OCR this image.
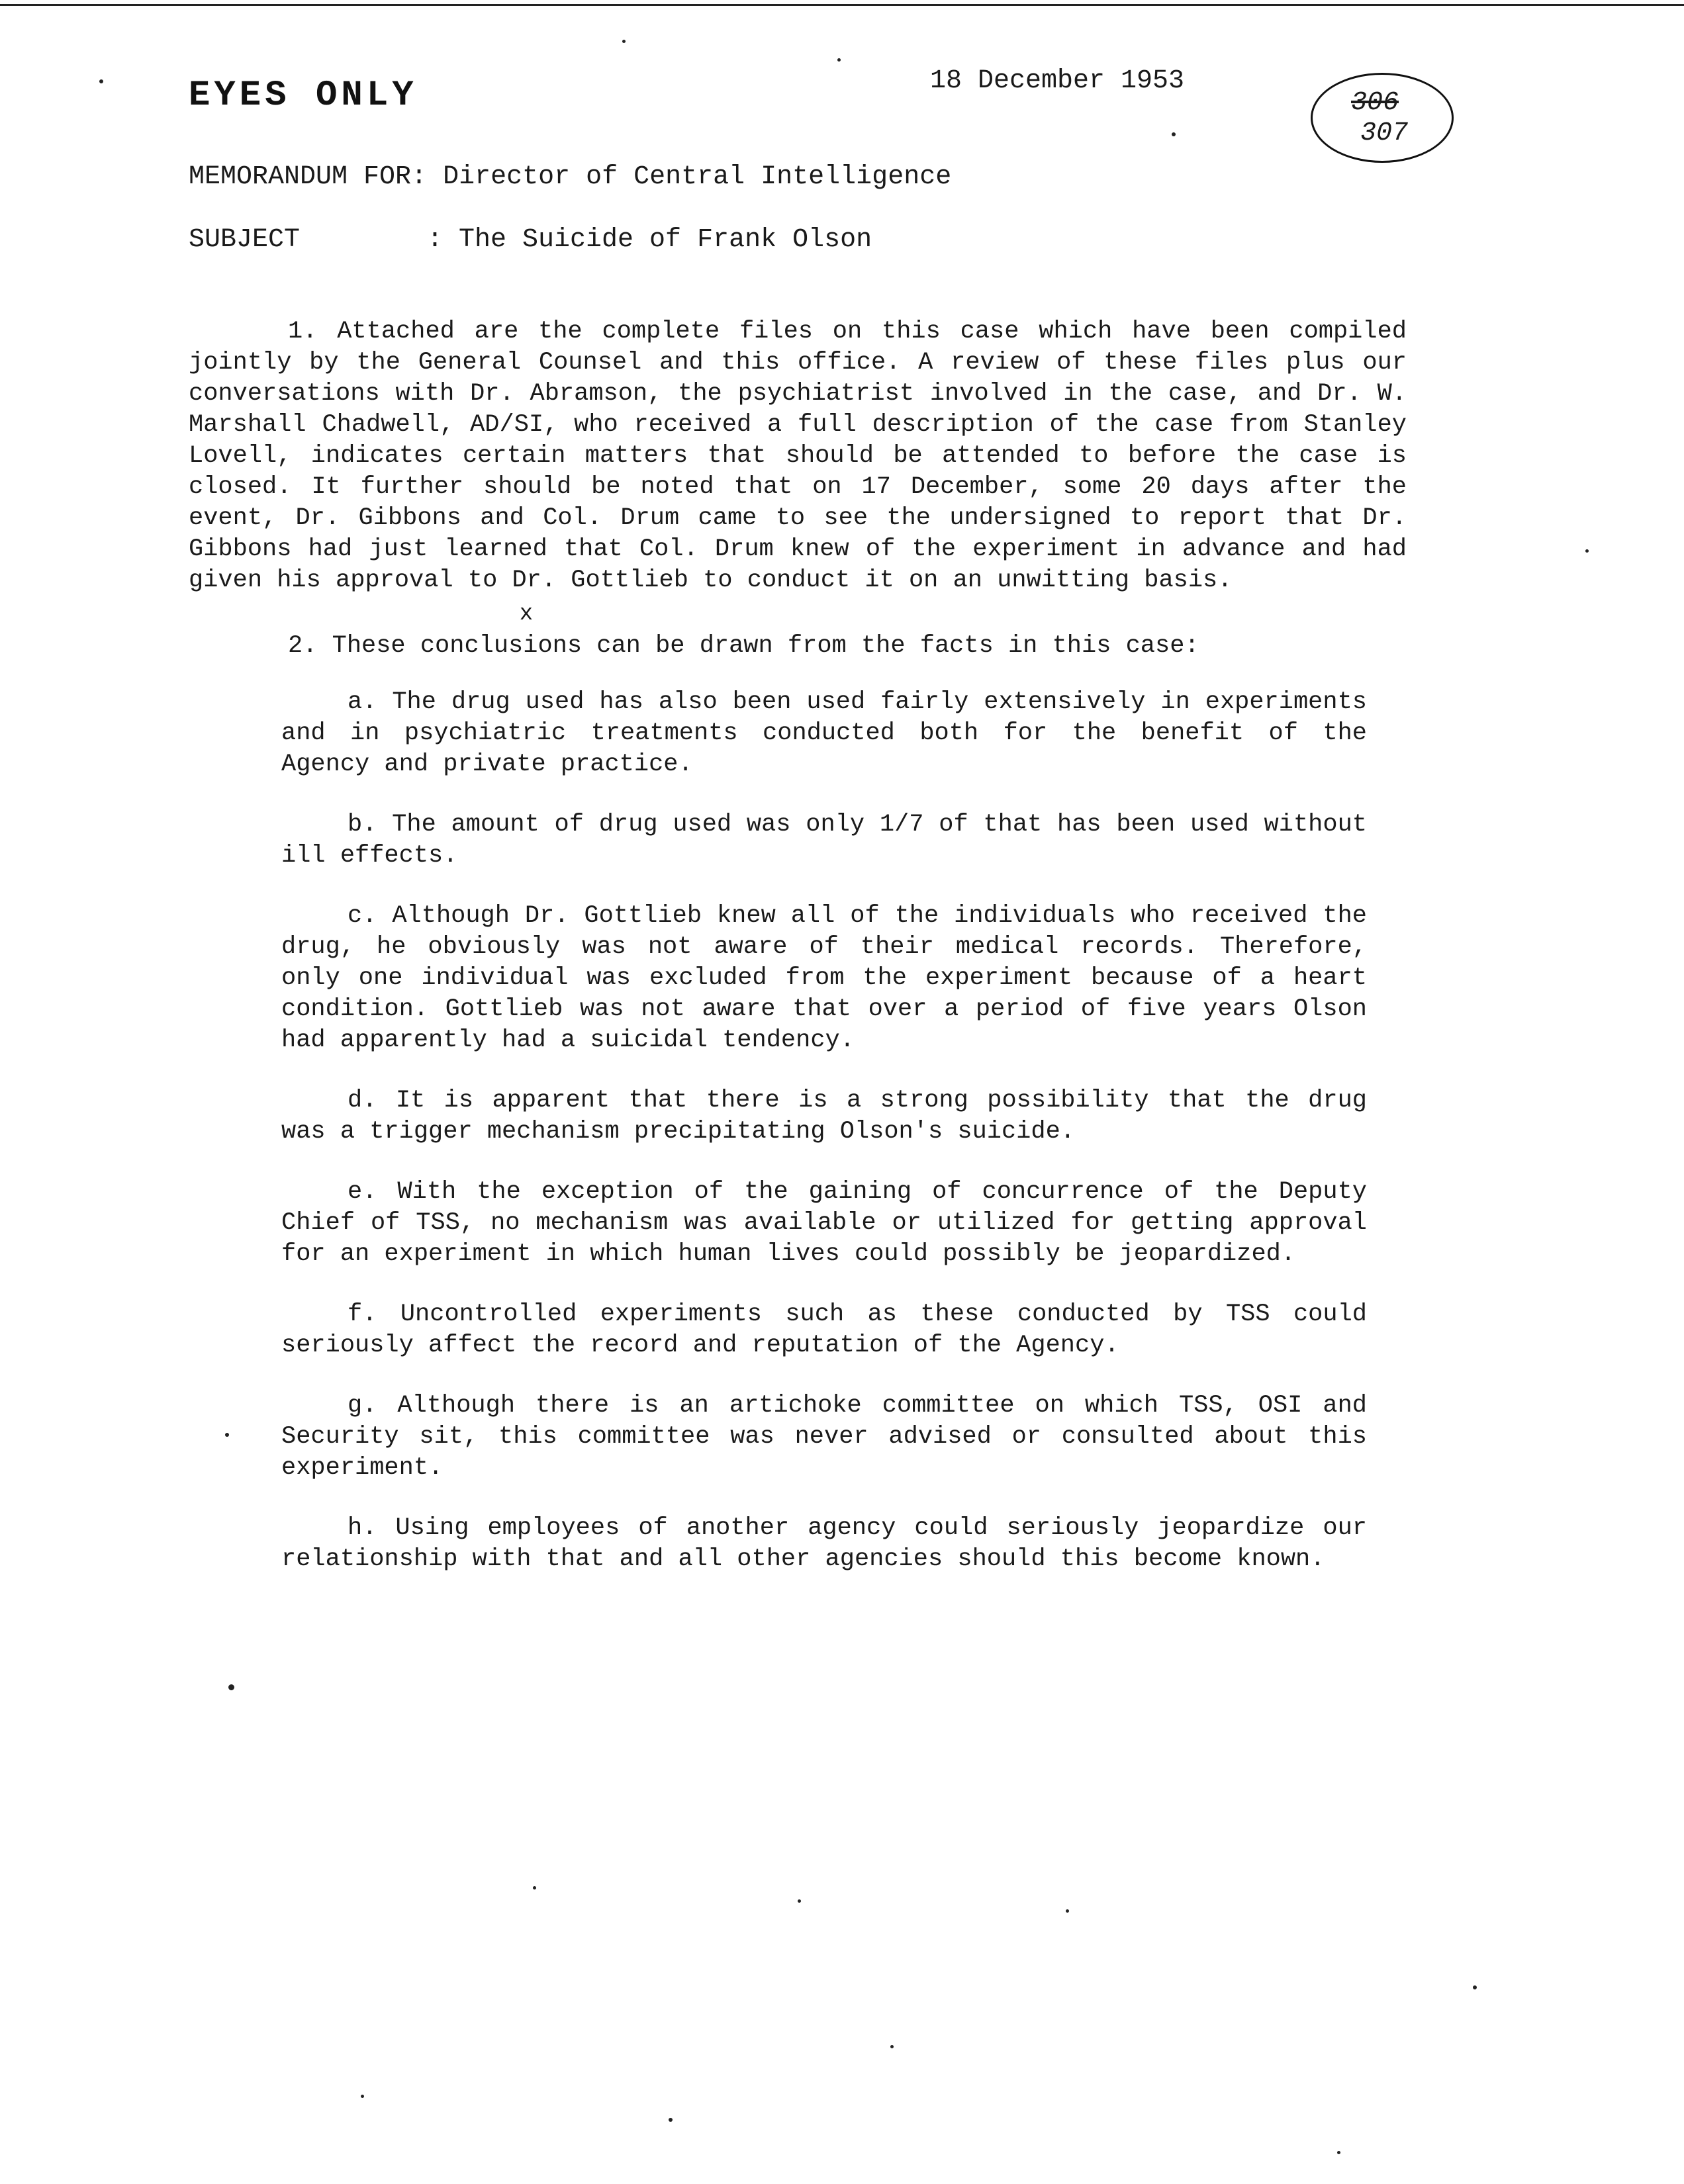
EYES ONLY	18 December 1953
306
307
MEMORANDUM FOR: Director of Central Intelligence
SUBJECT	: The Suicide of Frank Olson

1. Attached are the complete files on this case which have been compiled jointly by the General Counsel and this office. A review of these files plus our conversations with Dr. Abramson, the psychiatrist involved in the case, and Dr. W. Marshall Chadwell, AD/SI, who received a full description of the case from Stanley Lovell, indicates certain matters that should be attended to before the case is closed. It further should be noted that on 17 December, some 20 days after the event, Dr. Gibbons and Col. Drum came to see the undersigned to report that Dr. Gibbons had just learned that Col. Drum knew of the experiment in advance and had given his approval to Dr. Gottlieb to conduct it on an unwitting basis.

x

2. These conclusions can be drawn from the facts in this case:

a. The drug used has also been used fairly extensively in experiments and in psychiatric treatments conducted both for the benefit of the Agency and private practice.

b. The amount of drug used was only 1/7 of that has been used without ill effects.

c. Although Dr. Gottlieb knew all of the individuals who received the drug, he obviously was not aware of their medical records. Therefore, only one individual was excluded from the experiment because of a heart condition. Gottlieb was not aware that over a period of five years Olson had apparently had a suicidal tendency.

d. It is apparent that there is a strong possibility that the drug was a trigger mechanism precipitating Olson's suicide.

e. With the exception of the gaining of concurrence of the Deputy Chief of TSS, no mechanism was available or utilized for getting approval for an experiment in which human lives could possibly be jeopardized.

f. Uncontrolled experiments such as these conducted by TSS could seriously affect the record and reputation of the Agency.

g. Although there is an artichoke committee on which TSS, OSI and Security sit, this committee was never advised or consulted about this experiment.

h. Using employees of another agency could seriously jeopardize our relationship with that and all other agencies should this become known.
